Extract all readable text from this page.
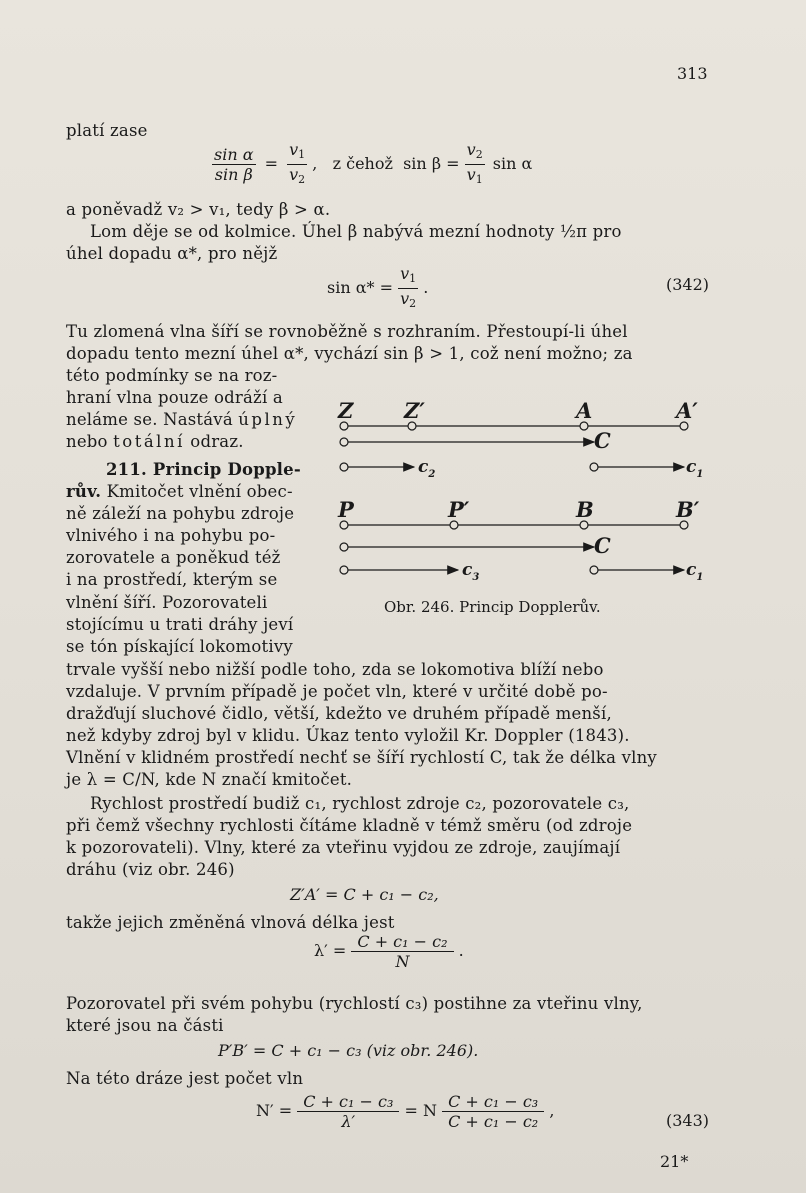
313
platí zase
$\frac{\text{sin α}}{\text{sin β}} = \frac{v_1}{v_2}$ ,   z čehož  $\sin \beta = \frac{v_2}{v_1}$ sin α
a poněvadž v₂ > v₁, tedy β > α.
Lom děje se od kolmice. Úhel β nabývá mezní hodnoty ½π pro
úhel dopadu α*, pro nějž
$\sin \alpha* = \frac{v_1}{v_2}$ .	(342)
Tu zlomená vlna šíří se rovnoběžně s rozhraním. Přestoupí-li úhel
dopadu tento mezní úhel α*, vychází sin β > 1, což není možno; za
této podmínky se na roz-
hraní vlna pouze odráží a
neláme se. Nastává úplný
nebo totální odraz.
211. Princip Dopple-
rův. Kmitočet vlnění obec-
ně záleží na pohybu zdroje
vlnivého i na pohybu po-
zorovatele a poněkud též
i na prostředí, kterým se
vlnění šíří. Pozorovateli
stojícímu u trati dráhy jeví
se tón pískající lokomotivy
Z Z′	A	A′
C
P	P′	B	B′
C
$c_2$	$c_1$
$c_3$	$c_1$
Obr. 246. Princip Dopplerův.
trvale vyšší nebo nižší podle toho, zda se lokomotiva blíží nebo
vzdaluje. V prvním případě je počet vln, které v určité době po-
dražďují sluchové čidlo, větší, kdežto ve druhém případě menší,
než kdyby zdroj byl v klidu. Úkaz tento vyložil Kr. Doppler (1843).
Vlnění v klidném prostředí nechť se šíří rychlostí C, tak že délka vlny
je λ = C/N, kde N značí kmitočet.
Rychlost prostředí budiž c₁, rychlost zdroje c₂, pozorovatele c₃,
při čemž všechny rychlosti čítáme kladně v témž směru (od zdroje
k pozorovateli). Vlny, které za vteřinu vyjdou ze zdroje, zaujímají
dráhu (viz obr. 246)
Z′A′ = C + c₁ − c₂,
takže jejich změněná vlnová délka jest
$\lambda' = \frac{\text{C + c₁ − c₂}}{N}$ .
Pozorovatel při svém pohybu (rychlostí c₃) postihne za vteřinu vlny,
které jsou na části
P′B′ = C + c₁ − c₃ (viz obr. 246).
Na této dráze jest počet vln
$N' = \frac{\text{C + c₁ − c₃}}{\lambda'} = N \frac{\text{C + c₁ − c₃}}{\text{C + c₁ − c₂}}$ ,
(343)
21*
